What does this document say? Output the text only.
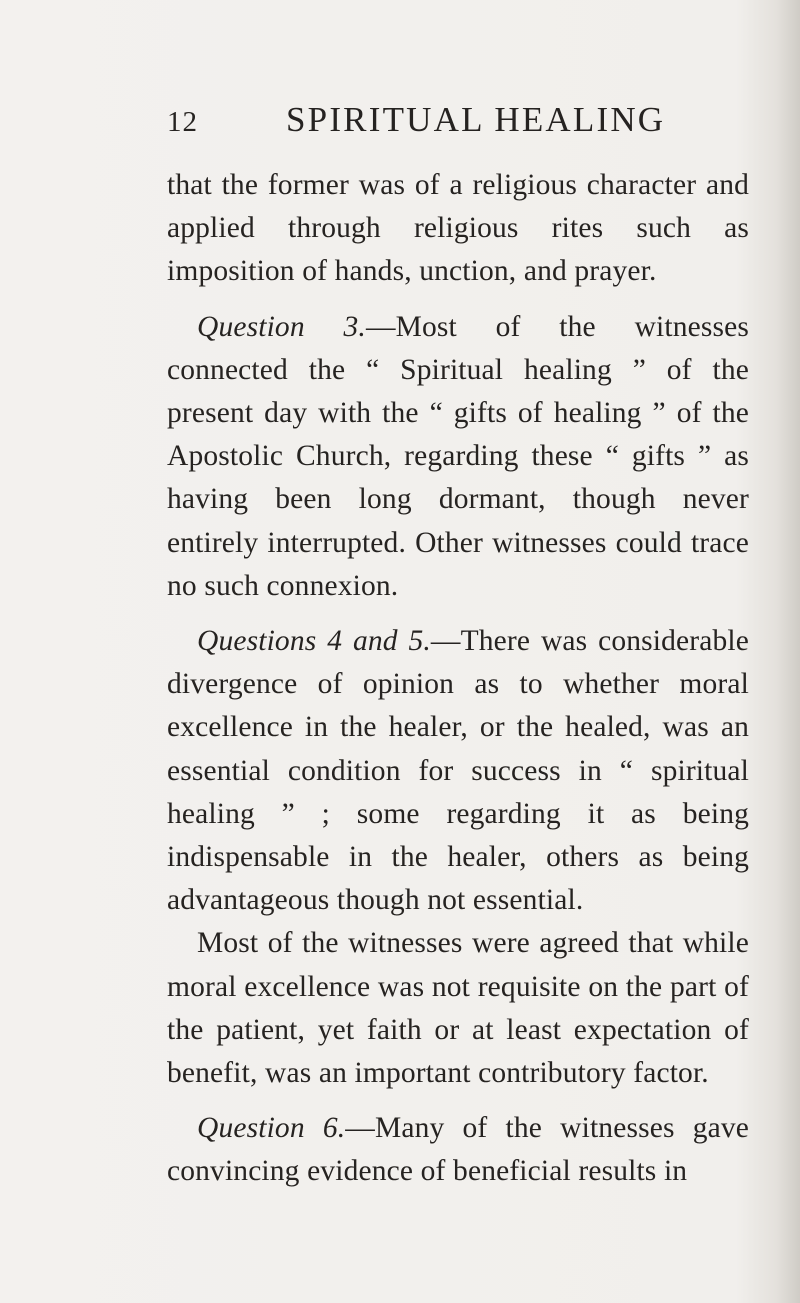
12	SPIRITUAL HEALING

that the former was of a religious character and applied through religious rites such as imposition of hands, unction, and prayer.

Question 3.—Most of the witnesses connected the “ Spiritual healing ” of the present day with the “ gifts of healing ” of the Apostolic Church, regarding these “ gifts ” as having been long dormant, though never entirely interrupted. Other witnesses could trace no such connexion.

Questions 4 and 5.—There was considerable divergence of opinion as to whether moral excellence in the healer, or the healed, was an essential condition for success in “ spiritual healing ” ; some regarding it as being indispensable in the healer, others as being advantageous though not essential.

Most of the witnesses were agreed that while moral excellence was not requisite on the part of the patient, yet faith or at least expectation of benefit, was an important contributory factor.

Question 6.—Many of the witnesses gave convincing evidence of beneficial results in
